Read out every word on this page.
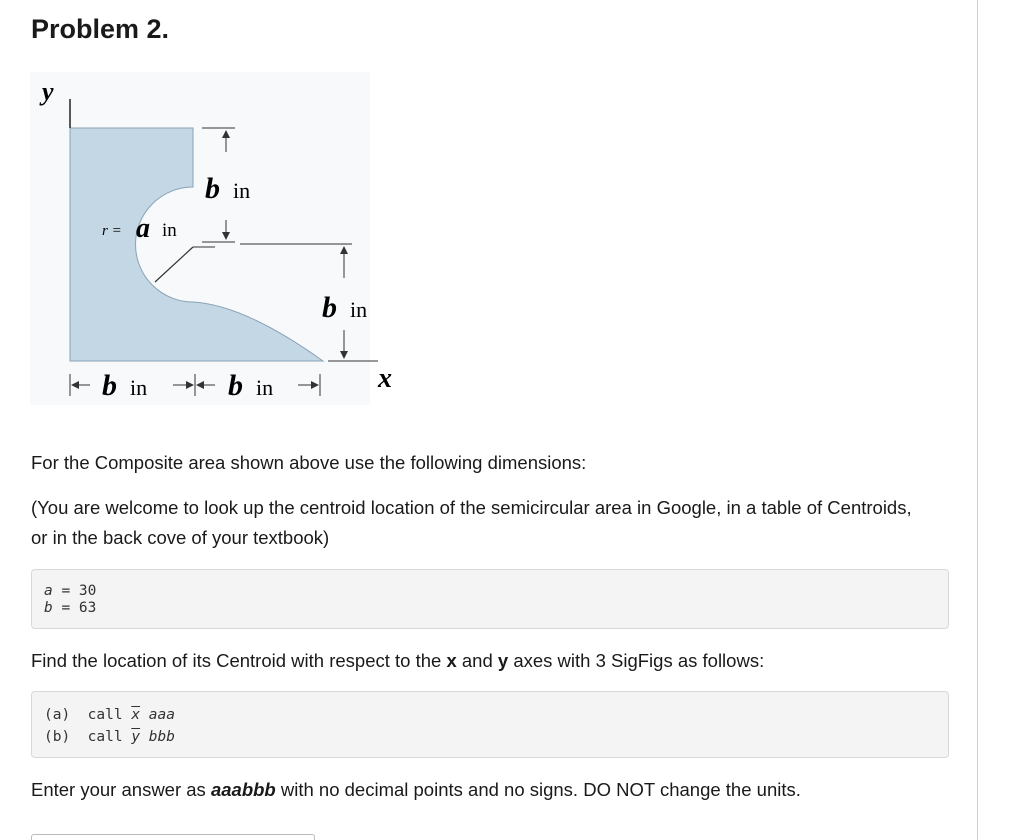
Problem 2.
y
r = a in
b in
b in
x
b in	b in

For the Composite area shown above use the following dimensions:

(You are welcome to look up the centroid location of the semicircular area in Google, in a table of Centroids, or in the back cove of your textbook)

a = 30
b = 63

Find the location of its Centroid with respect to the x and y axes with 3 SigFigs as follows:

(a)  call $\overline{x}$ aaa
(b)  call $\overline{y}$ bbb

Enter your answer as aaabbb with no decimal points and no signs. DO NOT change the units.
